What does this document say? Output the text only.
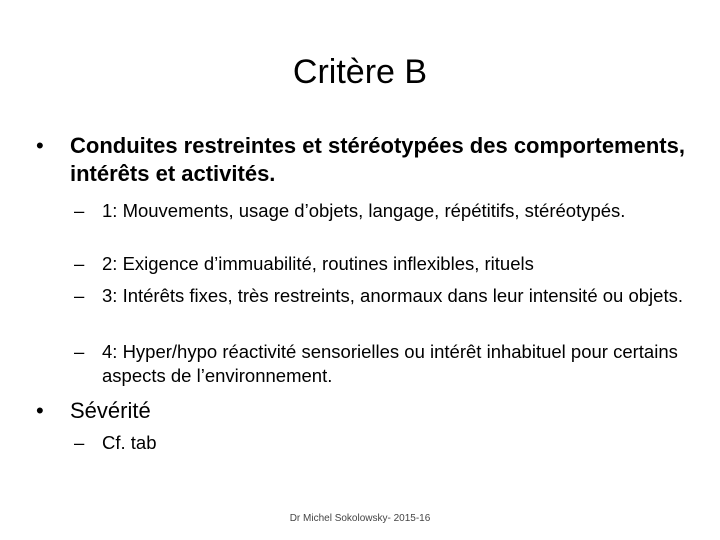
Critère B
•	Conduites restreintes et stéréotypées des comportements, intérêts et activités.
– 1: Mouvements, usage d’objets, langage, répétitifs, stéréotypés.
– 2: Exigence d’immuabilité, routines inflexibles, rituels
– 3: Intérêts fixes, très restreints, anormaux dans leur intensité ou objets.
– 4: Hyper/hypo réactivité sensorielles ou intérêt inhabituel pour certains aspects de l’environnement.
•	Sévérité
– Cf. tab
Dr Michel Sokolowsky- 2015-16
